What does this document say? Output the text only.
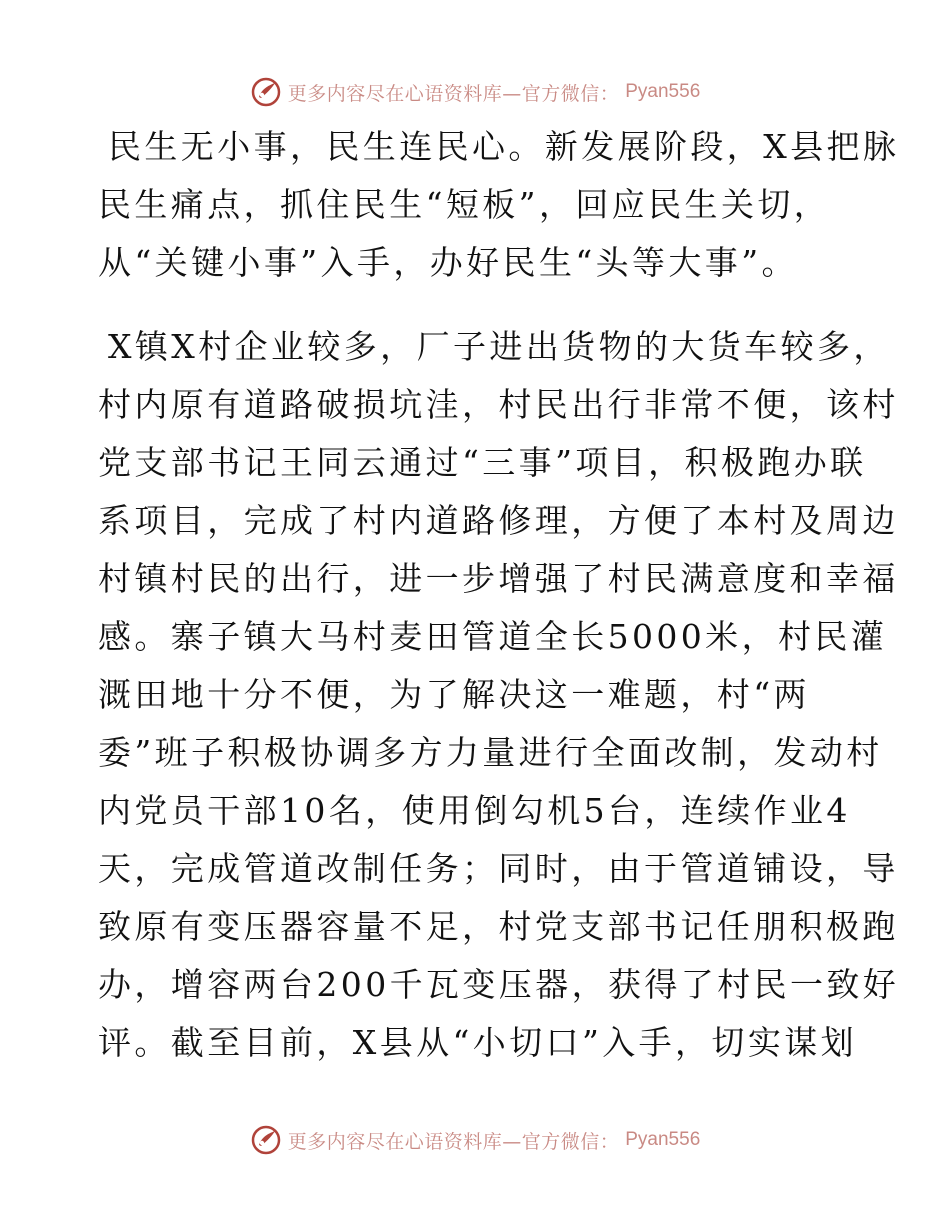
更多内容尽在心语资料库—官方微信： Pyan556
民生无小事，民生连民心。新发展阶段，X县把脉
民生痛点，抓住民生“短板”，回应民生关切，
从“关键小事”入手，办好民生“头等大事”。
X镇X村企业较多，厂子进出货物的大货车较多，
村内原有道路破损坑洼，村民出行非常不便，该村
党支部书记王同云通过“三事”项目，积极跑办联
系项目，完成了村内道路修理，方便了本村及周边
村镇村民的出行，进一步增强了村民满意度和幸福
感。寨子镇大马村麦田管道全长5000米，村民灌
溉田地十分不便，为了解决这一难题，村“两
委”班子积极协调多方力量进行全面改制，发动村
内党员干部10名，使用倒勾机5台，连续作业4
天，完成管道改制任务；同时，由于管道铺设，导
致原有变压器容量不足，村党支部书记任朋积极跑
办，增容两台200千瓦变压器，获得了村民一致好
评。截至目前，X县从“小切口”入手，切实谋划
更多内容尽在心语资料库—官方微信： Pyan556
